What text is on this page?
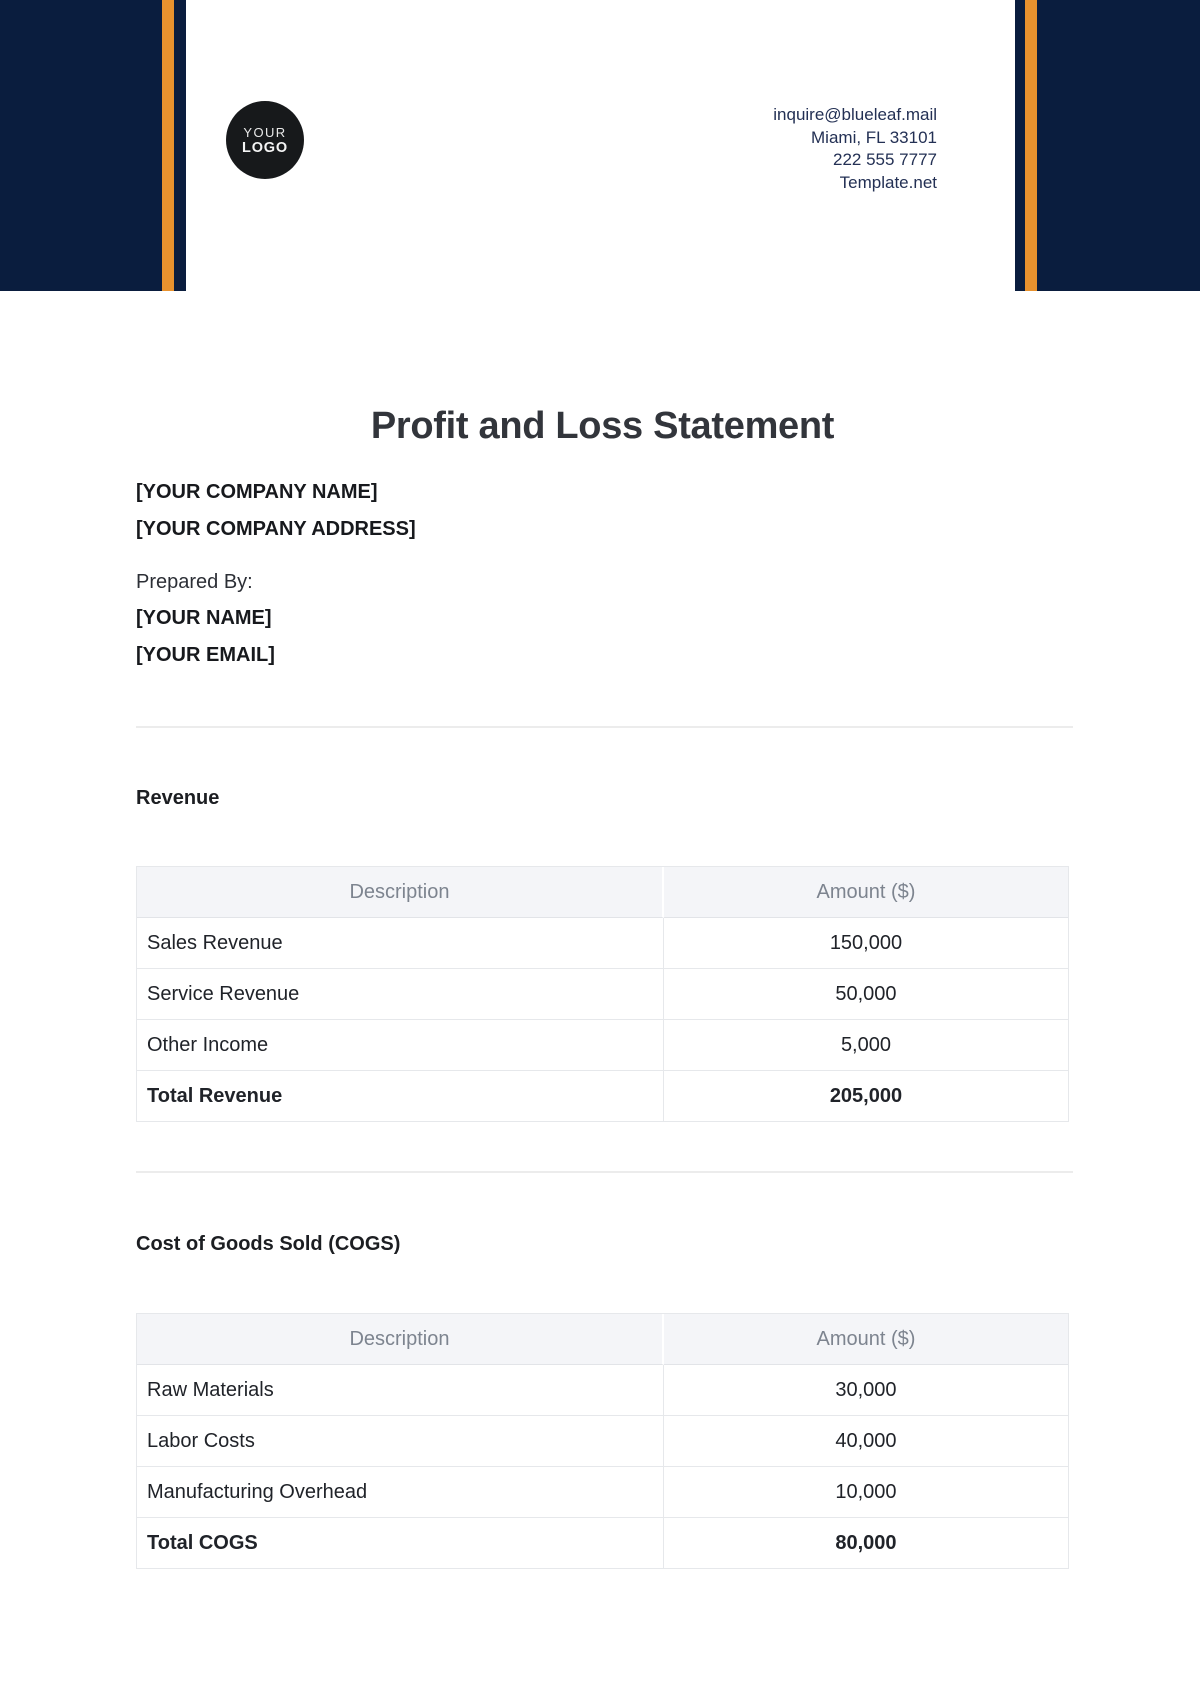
YOUR
LOGO
inquire@blueleaf.mail
Miami, FL 33101
222 555 7777
Template.net
Profit and Loss Statement
[YOUR COMPANY NAME]
[YOUR COMPANY ADDRESS]
Prepared By:
[YOUR NAME]
[YOUR EMAIL]
Revenue
Description	Amount ($)
Sales Revenue	150,000
Service Revenue	50,000
Other Income	5,000
Total Revenue	205,000
Cost of Goods Sold (COGS)
Description	Amount ($)
Raw Materials	30,000
Labor Costs	40,000
Manufacturing Overhead	10,000
Total COGS	80,000
